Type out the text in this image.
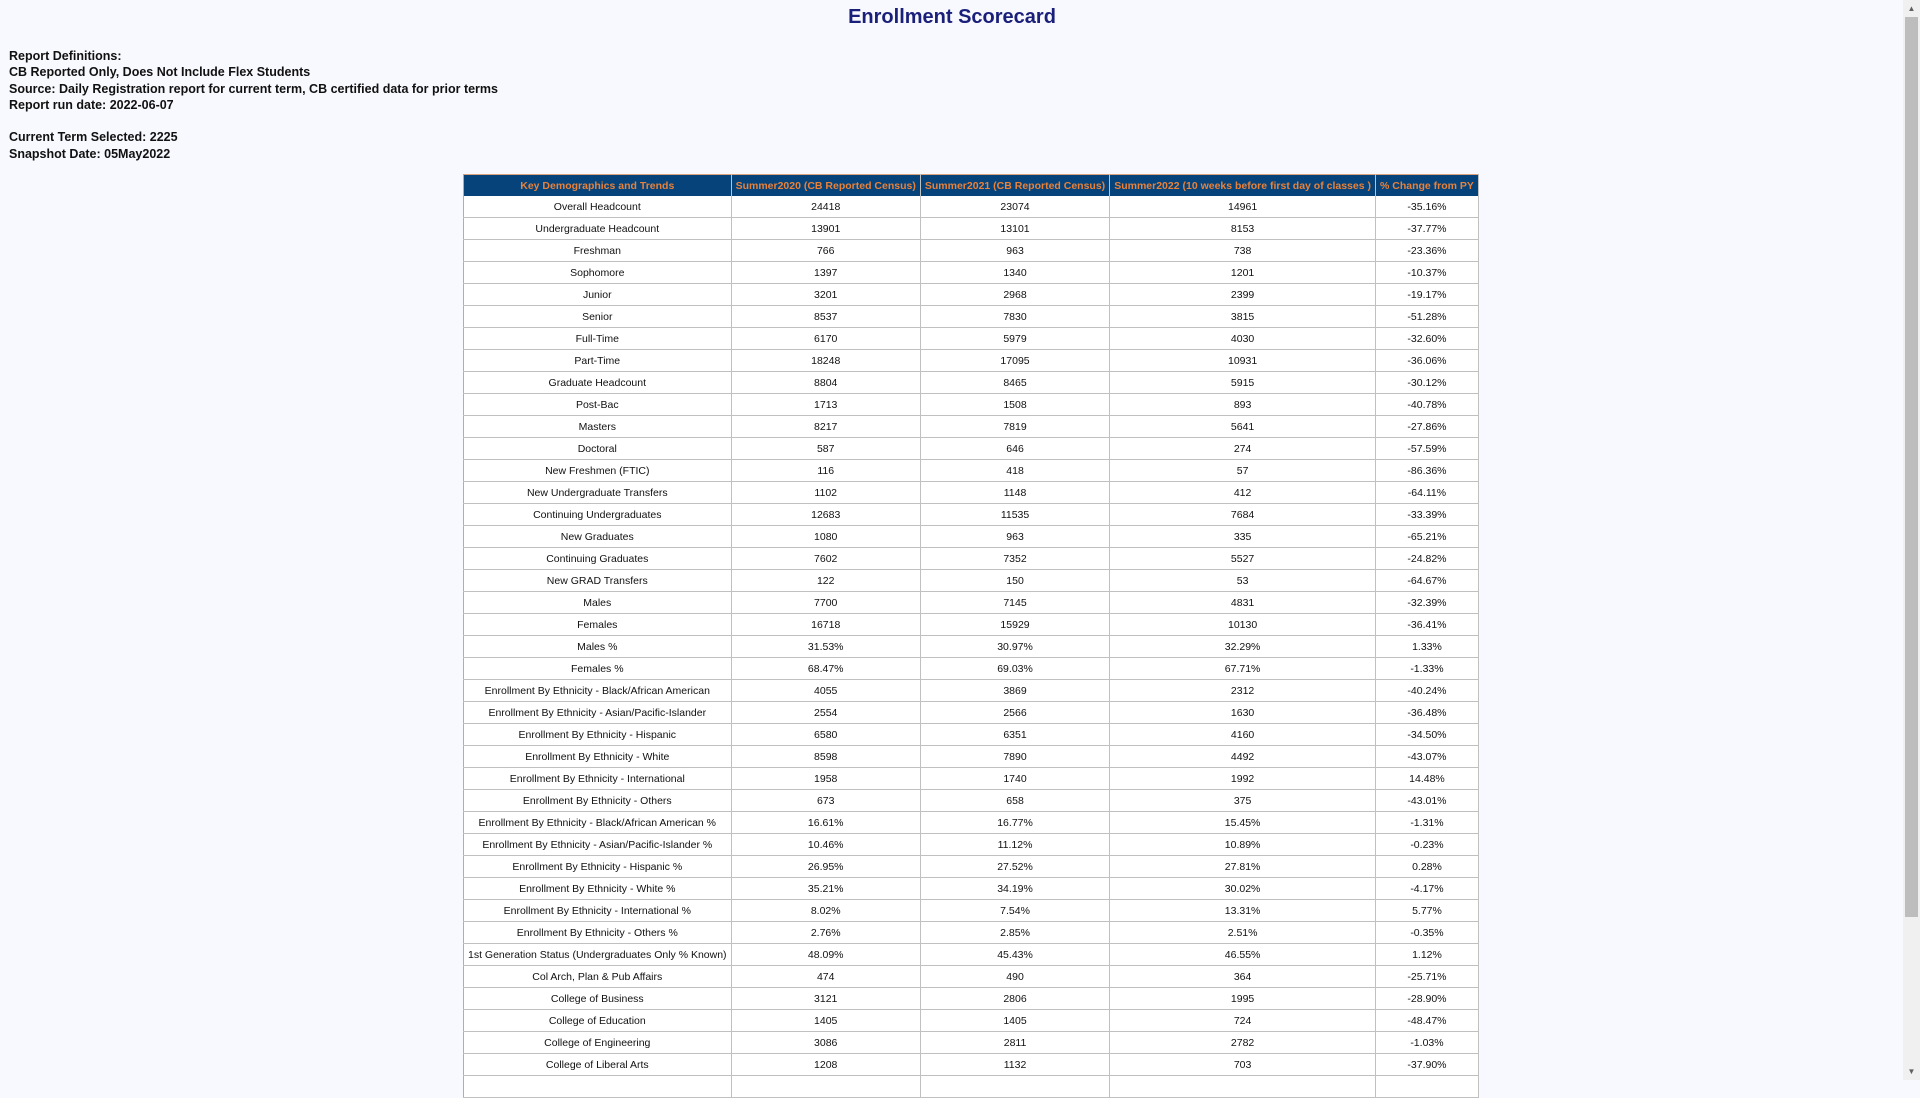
Enrollment Scorecard
Report Definitions:
CB Reported Only, Does Not Include Flex Students
Source: Daily Registration report for current term, CB certified data for prior terms
Report run date: 2022-06-07
Current Term Selected: 2225
Snapshot Date: 05May2022
Key Demographics and Trends	Summer2020 (CB Reported Census)	Summer2021 (CB Reported Census)	Summer2022 (10 weeks before first day of classes )	% Change from PY
Overall Headcount	24418	23074	14961	-35.16%
Undergraduate Headcount	13901	13101	8153	-37.77%
Freshman	766	963	738	-23.36%
Sophomore	1397	1340	1201	-10.37%
Junior	3201	2968	2399	-19.17%
Senior	8537	7830	3815	-51.28%
Full-Time	6170	5979	4030	-32.60%
Part-Time	18248	17095	10931	-36.06%
Graduate Headcount	8804	8465	5915	-30.12%
Post-Bac	1713	1508	893	-40.78%
Masters	8217	7819	5641	-27.86%
Doctoral	587	646	274	-57.59%
New Freshmen (FTIC)	116	418	57	-86.36%
New Undergraduate Transfers	1102	1148	412	-64.11%
Continuing Undergraduates	12683	11535	7684	-33.39%
New Graduates	1080	963	335	-65.21%
Continuing Graduates	7602	7352	5527	-24.82%
New GRAD Transfers	122	150	53	-64.67%
Males	7700	7145	4831	-32.39%
Females	16718	15929	10130	-36.41%
Males %	31.53%	30.97%	32.29%	1.33%
Females %	68.47%	69.03%	67.71%	-1.33%
Enrollment By Ethnicity - Black/African American	4055	3869	2312	-40.24%
Enrollment By Ethnicity - Asian/Pacific-Islander	2554	2566	1630	-36.48%
Enrollment By Ethnicity - Hispanic	6580	6351	4160	-34.50%
Enrollment By Ethnicity - White	8598	7890	4492	-43.07%
Enrollment By Ethnicity - International	1958	1740	1992	14.48%
Enrollment By Ethnicity - Others	673	658	375	-43.01%
Enrollment By Ethnicity - Black/African American %	16.61%	16.77%	15.45%	-1.31%
Enrollment By Ethnicity - Asian/Pacific-Islander %	10.46%	11.12%	10.89%	-0.23%
Enrollment By Ethnicity - Hispanic %	26.95%	27.52%	27.81%	0.28%
Enrollment By Ethnicity - White %	35.21%	34.19%	30.02%	-4.17%
Enrollment By Ethnicity - International %	8.02%	7.54%	13.31%	5.77%
Enrollment By Ethnicity - Others %	2.76%	2.85%	2.51%	-0.35%
1st Generation Status (Undergraduates Only % Known)	48.09%	45.43%	46.55%	1.12%
Col Arch, Plan & Pub Affairs	474	490	364	-25.71%
College of Business	3121	2806	1995	-28.90%
College of Education	1405	1405	724	-48.47%
College of Engineering	3086	2811	2782	-1.03%
College of Liberal Arts	1208	1132	703	-37.90%

▲
▼
